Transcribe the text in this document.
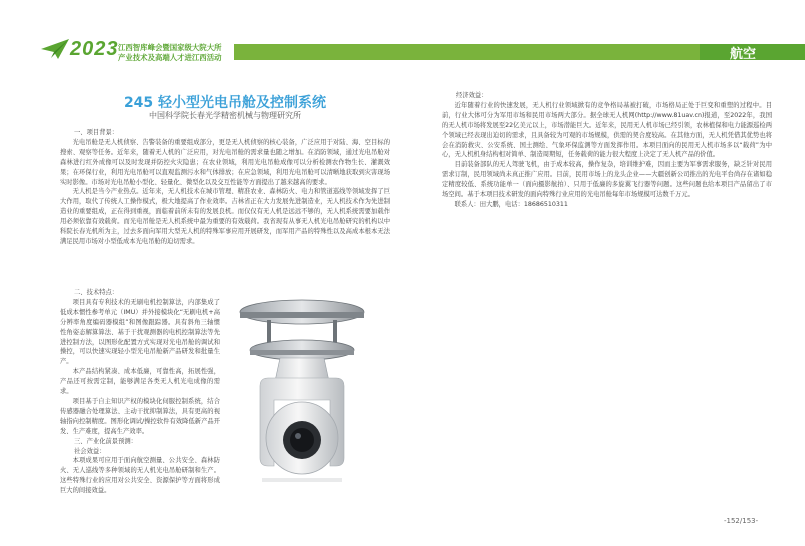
2023 江西智库峰会暨国家级大院大所
产业技术及高端人才进江西活动	航空
245 轻小型光电吊舱及控制系统
中国科学院长春光学精密机械与物理研究所

一、项目背景：

光电吊舱是无人机侦察、告警装备的重要组成部分，更是无人机侦察的核心装备，广泛应用于对陆、海、空目标的搜索、观察等任务。近年来，随着无人机的广泛应用，对光电吊舱的需求量也随之增加。在消防领域，通过光电吊舱对森林进行红外成像可以及时发现并防控火灾隐患；在农业领域，利用光电吊舱成像可以分析检测农作物生长、灌溉效果；在环保行业，利用光电吊舱可以直观监测污水和气体排放；在应急领域，利用光电吊舱可以清晰地获取到灾害现场实时影像。市场对光电吊舱小型化、轻量化、微型化以及交互性能等方面提出了越来越高的要求。

无人机是当今产业热点。近年来，无人机技术在城市管理、精准农业、森林防火、电力和管道巡线等领域发挥了巨大作用，取代了传统人工操作模式，极大地提高了作业效率。吉林省正在大力发展先进制造业，无人机技术作为先进制造业的重要组成，正在得到重视，面临着前所未有的发展良机。而仅仅有无人机是远远不够的，无人机系统需要加载作用必须依靠有效载荷。而光电吊舱是无人机系统中最为重要的有效载荷。我省现有从事无人机光电吊舱研究的机构以中科院长春光机所为主，过去多面向军用大型无人机的特殊军事应用开展研发，而军用产品的特殊性以及高成本根本无法满足民用市场对小型低成本光电吊舱的迫切需求。

二、技术特点：

项目具有专利技术的无刷电机控制算法，内部集成了低成本惯性参考单元（IMU）并外接模块化“无刷电机+高分辨率角度编码器模组”和图像跟踪器。具有斜角三轴惯性角姿态解算算法、基于干扰观测器的电机控制算法等先进控制方法，以图形化配置方式实现对光电吊舱的调试和操控，可以快速实现轻小型光电吊舱新产品研发和批量生产。

本产品结构紧凑、成本低廉，可靠性高，拓展性强，产品还可按需定制，能够满足各类无人机光电成像的需求。

项目基于自主知识产权的模块化伺服控制系统，结合传感器融合处理算法、主动干扰抑制算法，具有更高的视轴指向控制精度。图形化调试/操控软件有效降低新产品开发、生产难度，提高生产效率。

三、产业化前景预测：

社会效益：

本项成果可应用于面向航空测量、公共安全、森林防火、无人巡线等多种领域的无人机光电吊舱研制和生产。这些特殊行业的应用对公共安全、资源保护等方面将形成巨大的间接效益。

经济效益：

近年随着行业的快速发展，无人机行业领域掀有的竞争格局基被打破，市场格局正处于巨变和重塑的过程中。目前，行业大体可分为军用市场和民用市场两大部分。据全球无人机网(http://www.81uav.cn)报道，至2022年，我国的无人机市场将发展至22亿美元以上，市场潜能巨大。近年来，民用无人机市场已经引领，农林植保和电力能源巡检两个领域已经表现出迫切的需求，且具备较为可观的市场规模，供需的契合度较高。在其他方面，无人机凭借其优势也将会在消防救灾、公安系统、国土测绘、气象环保监测等方面发挥作用。本项目面向的民用无人机市场多以“载荷”为中心，无人机机身结构相对简单、制造周期短，任务载荷的能力很大程度上决定了无人机产品的价值。

目前装备部队的无人驾驶飞机，由于成本较高，操作复杂，培训维护难，因而主要为军事需求服务，缺乏针对民用需求订制，民用领域尚未真正推广应用。目前，民用市场上的龙头企业——大疆创新公司推出的光电平台尚存在诸如稳定精度较低、系统功能单一（面向摄影航拍）、只用于低廉的多旋翼飞行器等问题。这些问题也给本项目产品留出了市场空间。基于本项目技术研发的面向特殊行业应用的光电吊舱每年市场规模可达数千万元。

联系人：田大鹏，电话：18686510311

-152/153-
